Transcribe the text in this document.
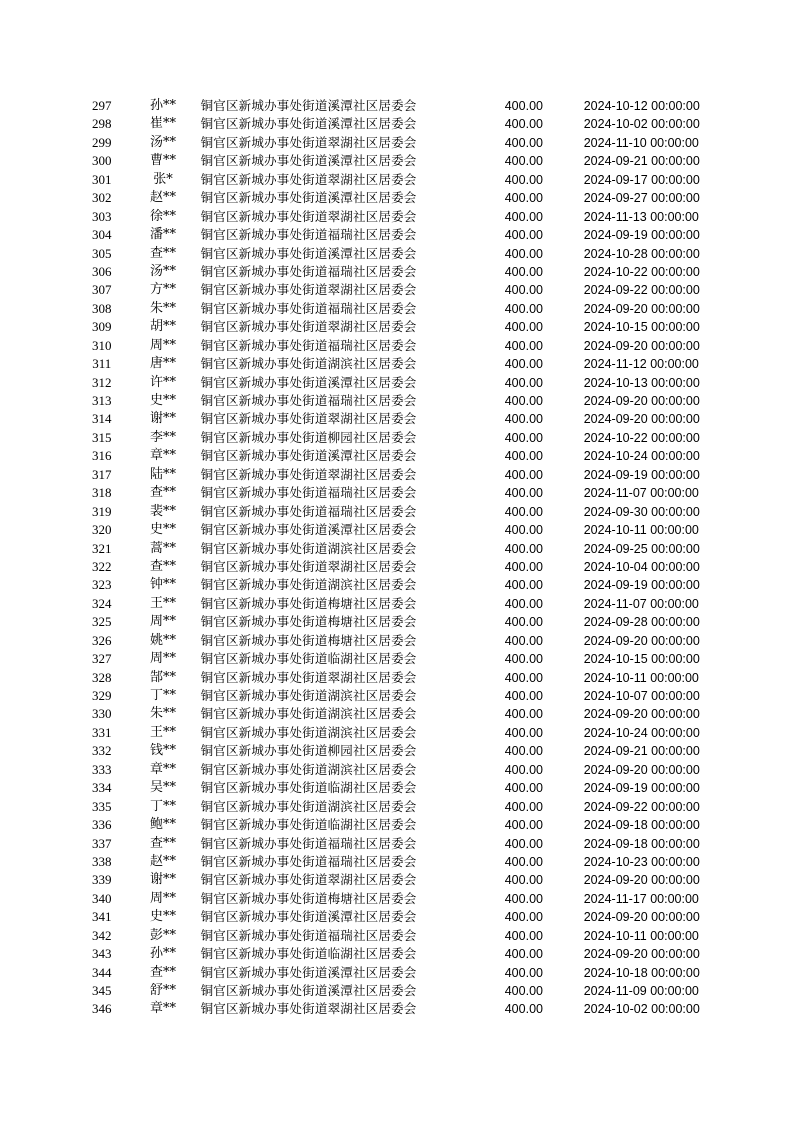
297	孙**	铜官区新城办事处街道溪潭社区居委会	400.00	2024-10-12 00:00:00
298	崔**	铜官区新城办事处街道溪潭社区居委会	400.00	2024-10-02 00:00:00
299	汤**	铜官区新城办事处街道翠湖社区居委会	400.00	2024-11-10 00:00:00
300	曹**	铜官区新城办事处街道溪潭社区居委会	400.00	2024-09-21 00:00:00
301	张*	铜官区新城办事处街道翠湖社区居委会	400.00	2024-09-17 00:00:00
302	赵**	铜官区新城办事处街道溪潭社区居委会	400.00	2024-09-27 00:00:00
303	徐**	铜官区新城办事处街道翠湖社区居委会	400.00	2024-11-13 00:00:00
304	潘**	铜官区新城办事处街道福瑞社区居委会	400.00	2024-09-19 00:00:00
305	查**	铜官区新城办事处街道溪潭社区居委会	400.00	2024-10-28 00:00:00
306	汤**	铜官区新城办事处街道福瑞社区居委会	400.00	2024-10-22 00:00:00
307	方**	铜官区新城办事处街道翠湖社区居委会	400.00	2024-09-22 00:00:00
308	朱**	铜官区新城办事处街道福瑞社区居委会	400.00	2024-09-20 00:00:00
309	胡**	铜官区新城办事处街道翠湖社区居委会	400.00	2024-10-15 00:00:00
310	周**	铜官区新城办事处街道福瑞社区居委会	400.00	2024-09-20 00:00:00
311	唐**	铜官区新城办事处街道湖滨社区居委会	400.00	2024-11-12 00:00:00
312	许**	铜官区新城办事处街道溪潭社区居委会	400.00	2024-10-13 00:00:00
313	史**	铜官区新城办事处街道福瑞社区居委会	400.00	2024-09-20 00:00:00
314	谢**	铜官区新城办事处街道翠湖社区居委会	400.00	2024-09-20 00:00:00
315	李**	铜官区新城办事处街道柳园社区居委会	400.00	2024-10-22 00:00:00
316	章**	铜官区新城办事处街道溪潭社区居委会	400.00	2024-10-24 00:00:00
317	陆**	铜官区新城办事处街道翠湖社区居委会	400.00	2024-09-19 00:00:00
318	查**	铜官区新城办事处街道福瑞社区居委会	400.00	2024-11-07 00:00:00
319	裴**	铜官区新城办事处街道福瑞社区居委会	400.00	2024-09-30 00:00:00
320	史**	铜官区新城办事处街道溪潭社区居委会	400.00	2024-10-11 00:00:00
321	蒿**	铜官区新城办事处街道湖滨社区居委会	400.00	2024-09-25 00:00:00
322	查**	铜官区新城办事处街道翠湖社区居委会	400.00	2024-10-04 00:00:00
323	钟**	铜官区新城办事处街道湖滨社区居委会	400.00	2024-09-19 00:00:00
324	王**	铜官区新城办事处街道梅塘社区居委会	400.00	2024-11-07 00:00:00
325	周**	铜官区新城办事处街道梅塘社区居委会	400.00	2024-09-28 00:00:00
326	姚**	铜官区新城办事处街道梅塘社区居委会	400.00	2024-09-20 00:00:00
327	周**	铜官区新城办事处街道临湖社区居委会	400.00	2024-10-15 00:00:00
328	郜**	铜官区新城办事处街道翠湖社区居委会	400.00	2024-10-11 00:00:00
329	丁**	铜官区新城办事处街道湖滨社区居委会	400.00	2024-10-07 00:00:00
330	朱**	铜官区新城办事处街道湖滨社区居委会	400.00	2024-09-20 00:00:00
331	王**	铜官区新城办事处街道湖滨社区居委会	400.00	2024-10-24 00:00:00
332	钱**	铜官区新城办事处街道柳园社区居委会	400.00	2024-09-21 00:00:00
333	章**	铜官区新城办事处街道湖滨社区居委会	400.00	2024-09-20 00:00:00
334	吴**	铜官区新城办事处街道临湖社区居委会	400.00	2024-09-19 00:00:00
335	丁**	铜官区新城办事处街道湖滨社区居委会	400.00	2024-09-22 00:00:00
336	鲍**	铜官区新城办事处街道临湖社区居委会	400.00	2024-09-18 00:00:00
337	查**	铜官区新城办事处街道福瑞社区居委会	400.00	2024-09-18 00:00:00
338	赵**	铜官区新城办事处街道福瑞社区居委会	400.00	2024-10-23 00:00:00
339	谢**	铜官区新城办事处街道翠湖社区居委会	400.00	2024-09-20 00:00:00
340	周**	铜官区新城办事处街道梅塘社区居委会	400.00	2024-11-17 00:00:00
341	史**	铜官区新城办事处街道溪潭社区居委会	400.00	2024-09-20 00:00:00
342	彭**	铜官区新城办事处街道福瑞社区居委会	400.00	2024-10-11 00:00:00
343	孙**	铜官区新城办事处街道临湖社区居委会	400.00	2024-09-20 00:00:00
344	查**	铜官区新城办事处街道溪潭社区居委会	400.00	2024-10-18 00:00:00
345	舒**	铜官区新城办事处街道溪潭社区居委会	400.00	2024-11-09 00:00:00
346	章**	铜官区新城办事处街道翠湖社区居委会	400.00	2024-10-02 00:00:00
